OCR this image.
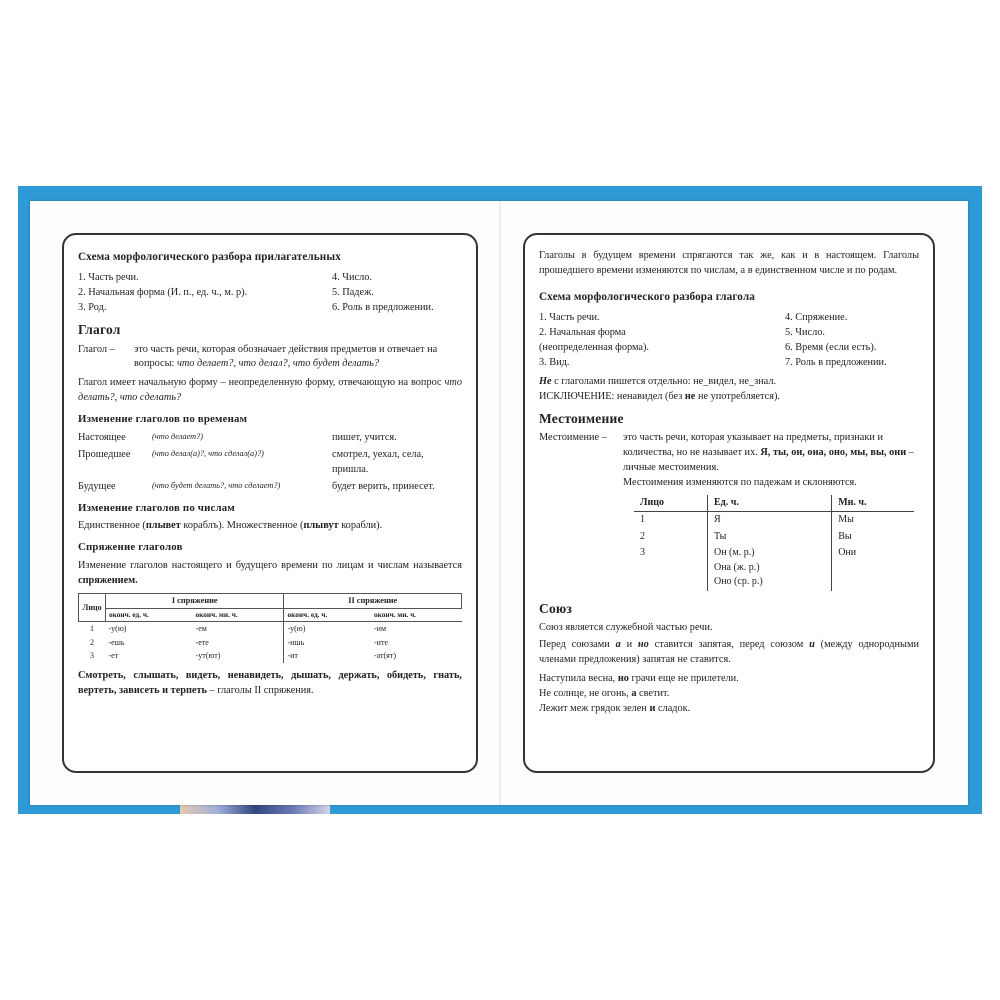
Схема морфологического разбора прилагательных
1. Часть речи.
2. Начальная форма (И. п., ед. ч., м. р).
3. Род.
4. Число.
5. Падеж.
6. Роль в предложении.
Глагол
Глагол –	это часть речи, которая обозначает действия предметов и отвечает на вопросы: что делает?, что делал?, что будет делать?
Глагол имеет начальную форму – неопределенную форму, отвечающую на вопрос что делать?, что сделать?
Изменение глаголов по временам
Настоящее	(что делает?)	пишет, учится.
Прошедшее	(что делал(а)?, что сделал(а)?)	смотрел, уехал, села, пришла.
Будущее	(что будет делать?, что сделает?)	будет верить, принесет.
Изменение глаголов по числам
Единственное (плывет кораблъ). Множественное (плывут корабли).
Спряжение глаголов
Изменение глаголов настоящего и будущего времени по лицам и числам называется спряжением.
Лицо	I спряжение		II спряжение	
	оконч. ед. ч.	оконч. мн. ч.	оконч. ед. ч.	оконч. мн. ч.
1	-у(ю)	-ем	-у(ю)	-им
2	-ешь	-ете	-ишь	-ите
3	-ет	-ут(ют)	-ит	-ат(ят)
Смотреть, слышать, видеть, ненавидеть, дышать, держать, обидеть, гнать, вертеть, зависеть и терпеть – глаголы II спряжения.
Глаголы в будущем времени спрягаются так же, как и в настоящем. Глаголы прошедшего времени изменяются по числам, а в единственном числе и по родам.
Схема морфологического разбора глагола
1. Часть речи.
2. Начальная форма (неопределенная форма).
3. Вид.
4. Спряжение.
5. Число.
6. Время (если есть).
7. Роль в предложении.
Не с глаголами пишется отдельно: не_видел, не_знал.
ИСКЛЮЧЕНИЕ: ненавидел (без не не употребляется).
Местоимение
Местоимение –	это часть речи, которая указывает на предметы, признаки и количества, но не называет их. Я, ты, он, она, оно, мы, вы, они – личные местоимения.
Местоимения изменяются по падежам и склоняются.
Лицо	Ед. ч.	Мн. ч.
1	Я	Мы
2	Ты	Вы
3	Он (м. р.)
Она (ж. р.)
Оно (ср. р.)	Они
Союз
Союз является служебной частью речи.
Перед союзами а и но ставится запятая, перед союзом и (между однородными членами предложения) запятая не ставится.
Наступила весна, но грачи еще не прилетели.
Не солнце, не огонь, а светит.
Лежит меж грядок зелен и сладок.
